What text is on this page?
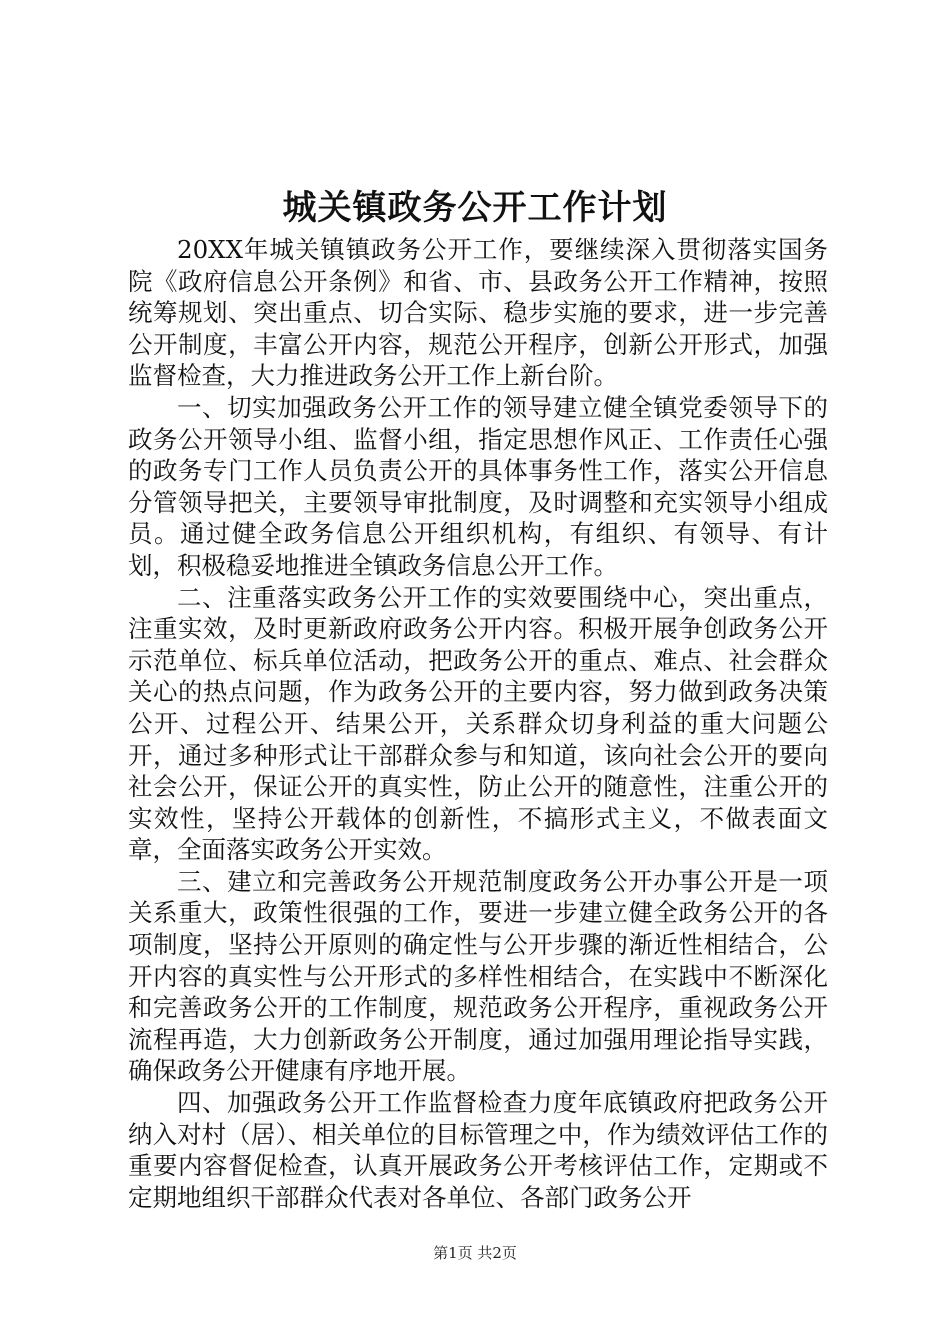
城关镇政务公开工作计划

20XX年城关镇镇政务公开工作，要继续深入贯彻落实国务院《政府信息公开条例》和省、市、县政务公开工作精神，按照统筹规划、突出重点、切合实际、稳步实施的要求，进一步完善公开制度，丰富公开内容，规范公开程序，创新公开形式，加强监督检查，大力推进政务公开工作上新台阶。

一、切实加强政务公开工作的领导建立健全镇党委领导下的政务公开领导小组、监督小组，指定思想作风正、工作责任心强的政务专门工作人员负责公开的具体事务性工作，落实公开信息分管领导把关，主要领导审批制度，及时调整和充实领导小组成员。通过健全政务信息公开组织机构，有组织、有领导、有计划，积极稳妥地推进全镇政务信息公开工作。

二、注重落实政务公开工作的实效要围绕中心，突出重点，注重实效，及时更新政府政务公开内容。积极开展争创政务公开示范单位、标兵单位活动，把政务公开的重点、难点、社会群众关心的热点问题，作为政务公开的主要内容，努力做到政务决策公开、过程公开、结果公开，关系群众切身利益的重大问题公开，通过多种形式让干部群众参与和知道，该向社会公开的要向社会公开，保证公开的真实性，防止公开的随意性，注重公开的实效性，坚持公开载体的创新性，不搞形式主义，不做表面文章，全面落实政务公开实效。

三、建立和完善政务公开规范制度政务公开办事公开是一项关系重大，政策性很强的工作，要进一步建立健全政务公开的各项制度，坚持公开原则的确定性与公开步骤的渐近性相结合，公开内容的真实性与公开形式的多样性相结合，在实践中不断深化和完善政务公开的工作制度，规范政务公开程序，重视政务公开流程再造，大力创新政务公开制度，通过加强用理论指导实践，确保政务公开健康有序地开展。

四、加强政务公开工作监督检查力度年底镇政府把政务公开纳入对村（居）、相关单位的目标管理之中，作为绩效评估工作的重要内容督促检查，认真开展政务公开考核评估工作，定期或不定期地组织干部群众代表对各单位、各部门政务公开

第1页 共2页
